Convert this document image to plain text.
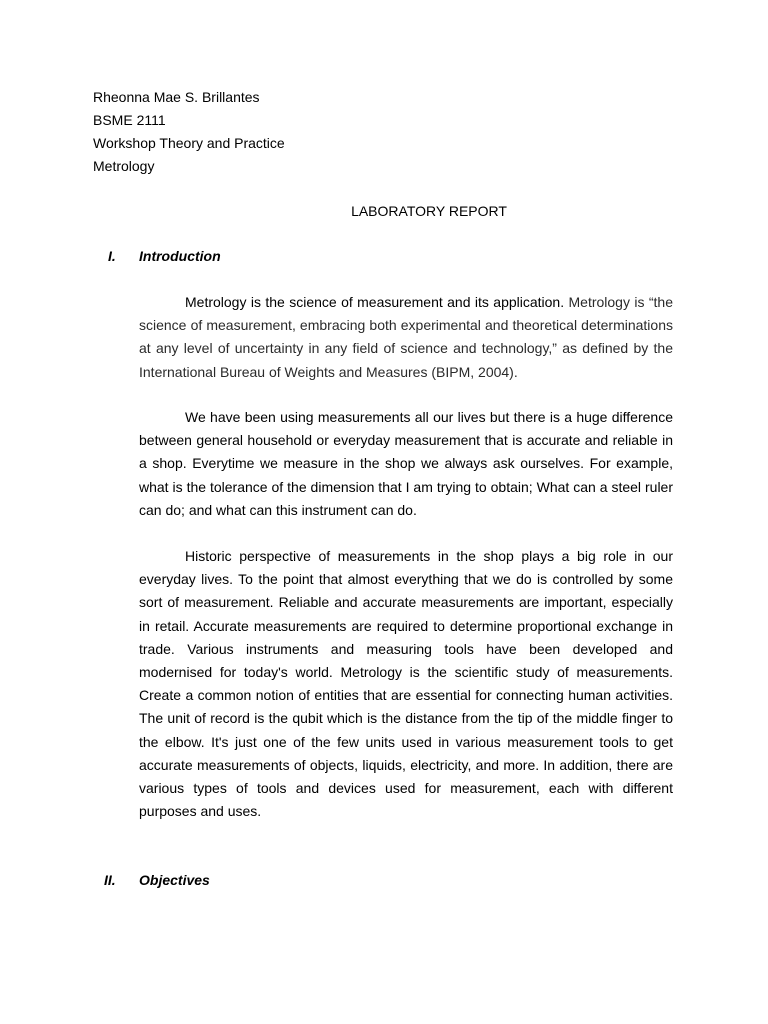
Rheonna Mae S. Brillantes
BSME 2111
Workshop Theory and Practice
Metrology
LABORATORY REPORT
I. Introduction

Metrology is the science of measurement and its application. Metrology is “the science of measurement, embracing both experimental and theoretical determinations at any level of uncertainty in any field of science and technology,” as defined by the International Bureau of Weights and Measures (BIPM, 2004).

We have been using measurements all our lives but there is a huge difference between general household or everyday measurement that is accurate and reliable in a shop. Everytime we measure in the shop we always ask ourselves. For example, what is the tolerance of the dimension that I am trying to obtain; What can a steel ruler can do; and what can this instrument can do.

Historic perspective of measurements in the shop plays a big role in our everyday lives. To the point that almost everything that we do is controlled by some sort of measurement. Reliable and accurate measurements are important, especially in retail. Accurate measurements are required to determine proportional exchange in trade. Various instruments and measuring tools have been developed and modernised for today's world. Metrology is the scientific study of measurements. Create a common notion of entities that are essential for connecting human activities. The unit of record is the qubit which is the distance from the tip of the middle finger to the elbow. It's just one of the few units used in various measurement tools to get accurate measurements of objects, liquids, electricity, and more. In addition, there are various types of tools and devices used for measurement, each with different purposes and uses.

II. Objectives
